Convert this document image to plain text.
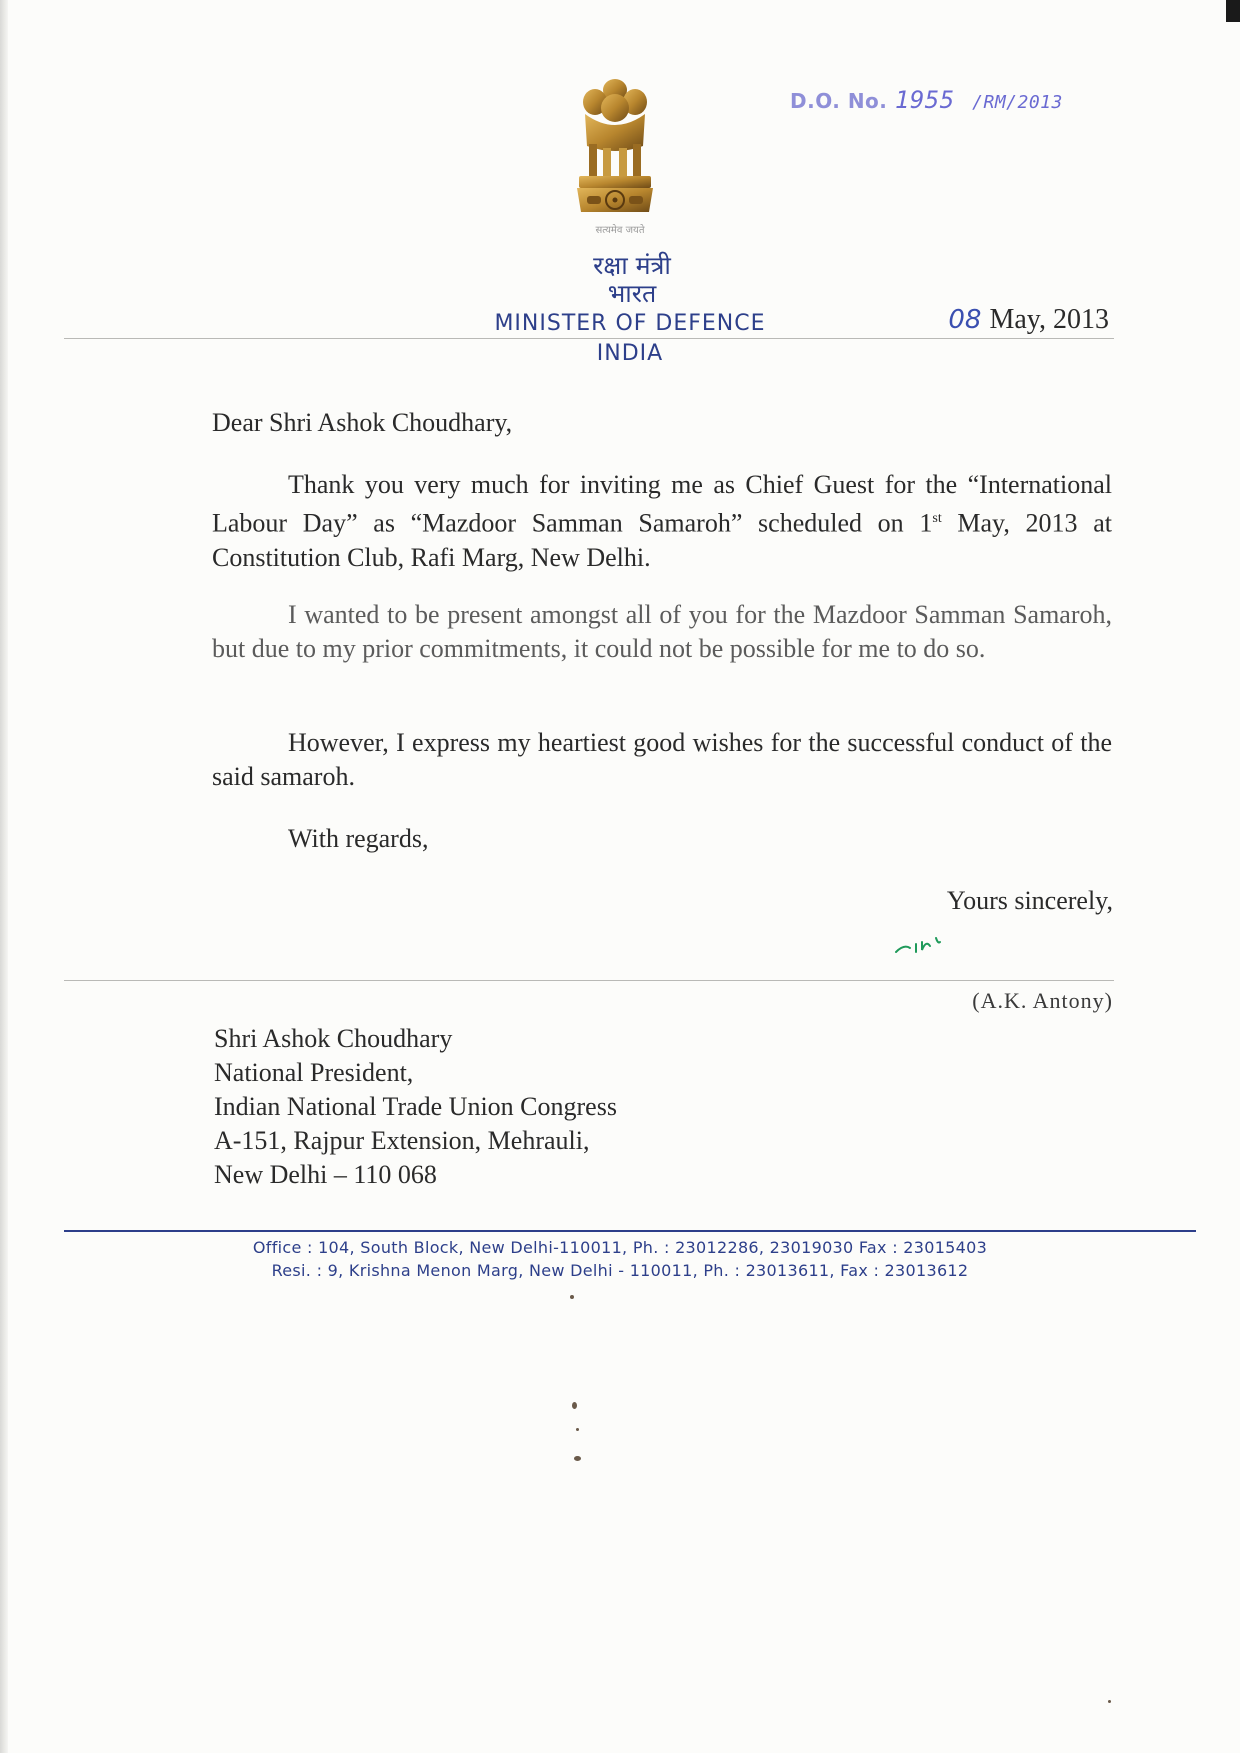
D.O. No. 1955 /RM/2013
सत्यमेव जयते
रक्षा मंत्री
भारत
MINISTER OF DEFENCE
INDIA
08 May, 2013
Dear Shri Ashok Choudhary,

Thank you very much for inviting me as Chief Guest for the “International Labour Day” as “Mazdoor Samman Samaroh” scheduled on 1st May, 2013 at Constitution Club, Rafi Marg, New Delhi.

I wanted to be present amongst all of you for the Mazdoor Samman Samaroh, but due to my prior commitments, it could not be possible for me to do so.

However, I express my heartiest good wishes for the successful conduct of the said samaroh.

With regards,
Yours sincerely,
(A.K. Antony)
Shri Ashok Choudhary
National President,
Indian National Trade Union Congress
A-151, Rajpur Extension, Mehrauli,
New Delhi – 110 068
Office : 104, South Block, New Delhi-110011, Ph. : 23012286, 23019030 Fax : 23015403
Resi. : 9, Krishna Menon Marg, New Delhi - 110011, Ph. : 23013611, Fax : 23013612
